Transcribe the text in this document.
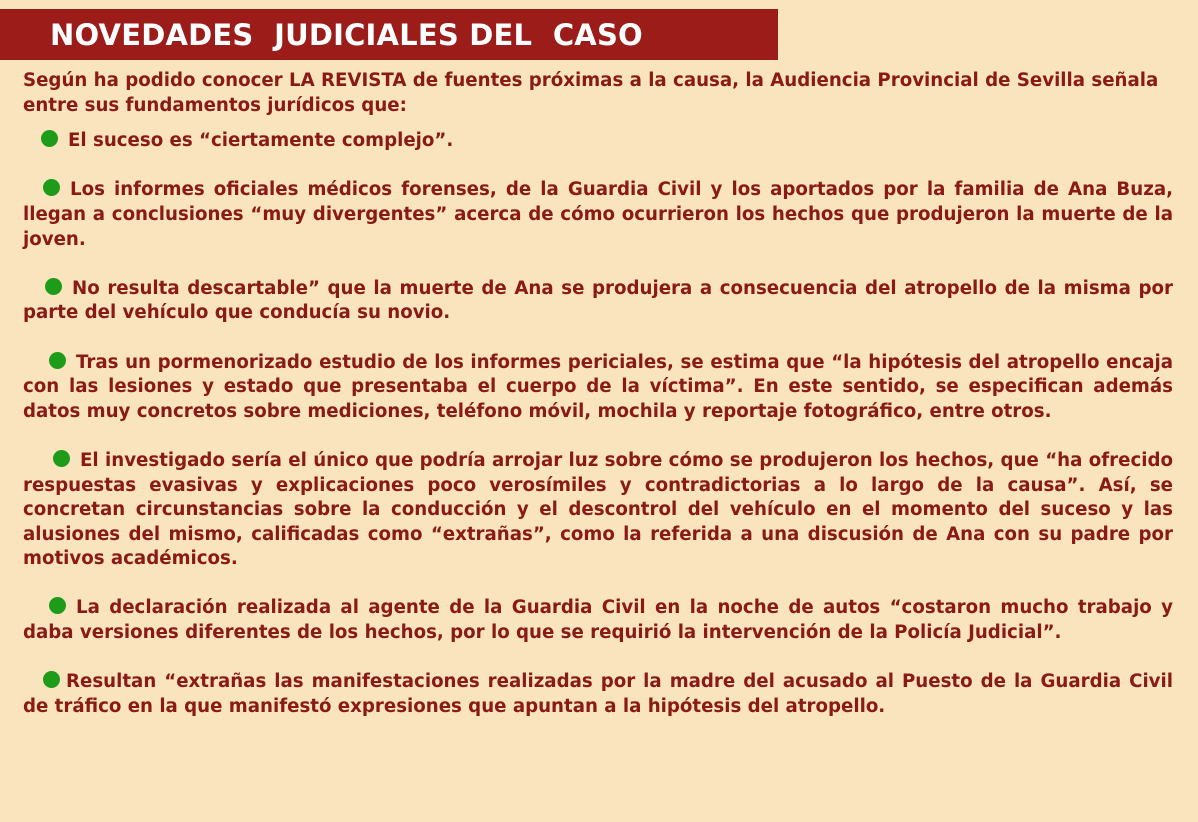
NOVEDADES  JUDICIALES DEL  CASO

Según ha podido conocer LA REVISTA de fuentes próximas a la causa, la Audiencia Provincial de Sevilla señala entre sus fundamentos jurídicos que:

El suceso es “ciertamente complejo”.
Los informes oficiales médicos forenses, de la Guardia Civil y los aportados por la familia de Ana Buza, llegan a conclusiones “muy divergentes” acerca de cómo ocurrieron los hechos que produjeron la muerte de la joven.
No resulta descartable” que la muerte de Ana se produjera a consecuencia del atropello de la misma por parte del vehículo que conducía su novio.
Tras un pormenorizado estudio de los informes periciales, se estima que “la hipótesis del atropello encaja con las lesiones y estado que presentaba el cuerpo de la víctima”. En este sentido, se especifican además datos muy concretos sobre mediciones, teléfono móvil, mochila y reportaje fotográfico, entre otros.
El investigado sería el único que podría arrojar luz sobre cómo se produjeron los hechos, que “ha ofrecido respuestas evasivas y explicaciones poco verosímiles y contradictorias a lo largo de la causa”. Así, se concretan circunstancias sobre la conducción y el descontrol del vehículo en el momento del suceso y las alusiones del mismo, calificadas como “extrañas”, como la referida a una discusión de Ana con su padre por motivos académicos.
La declaración realizada al agente de la Guardia Civil en la noche de autos “costaron mucho trabajo y daba versiones diferentes de los hechos, por lo que se requirió la intervención de la Policía Judicial”.
Resultan “extrañas las manifestaciones realizadas por la madre del acusado al Puesto de la Guardia Civil de tráfico en la que manifestó expresiones que apuntan a la hipótesis del atropello.
